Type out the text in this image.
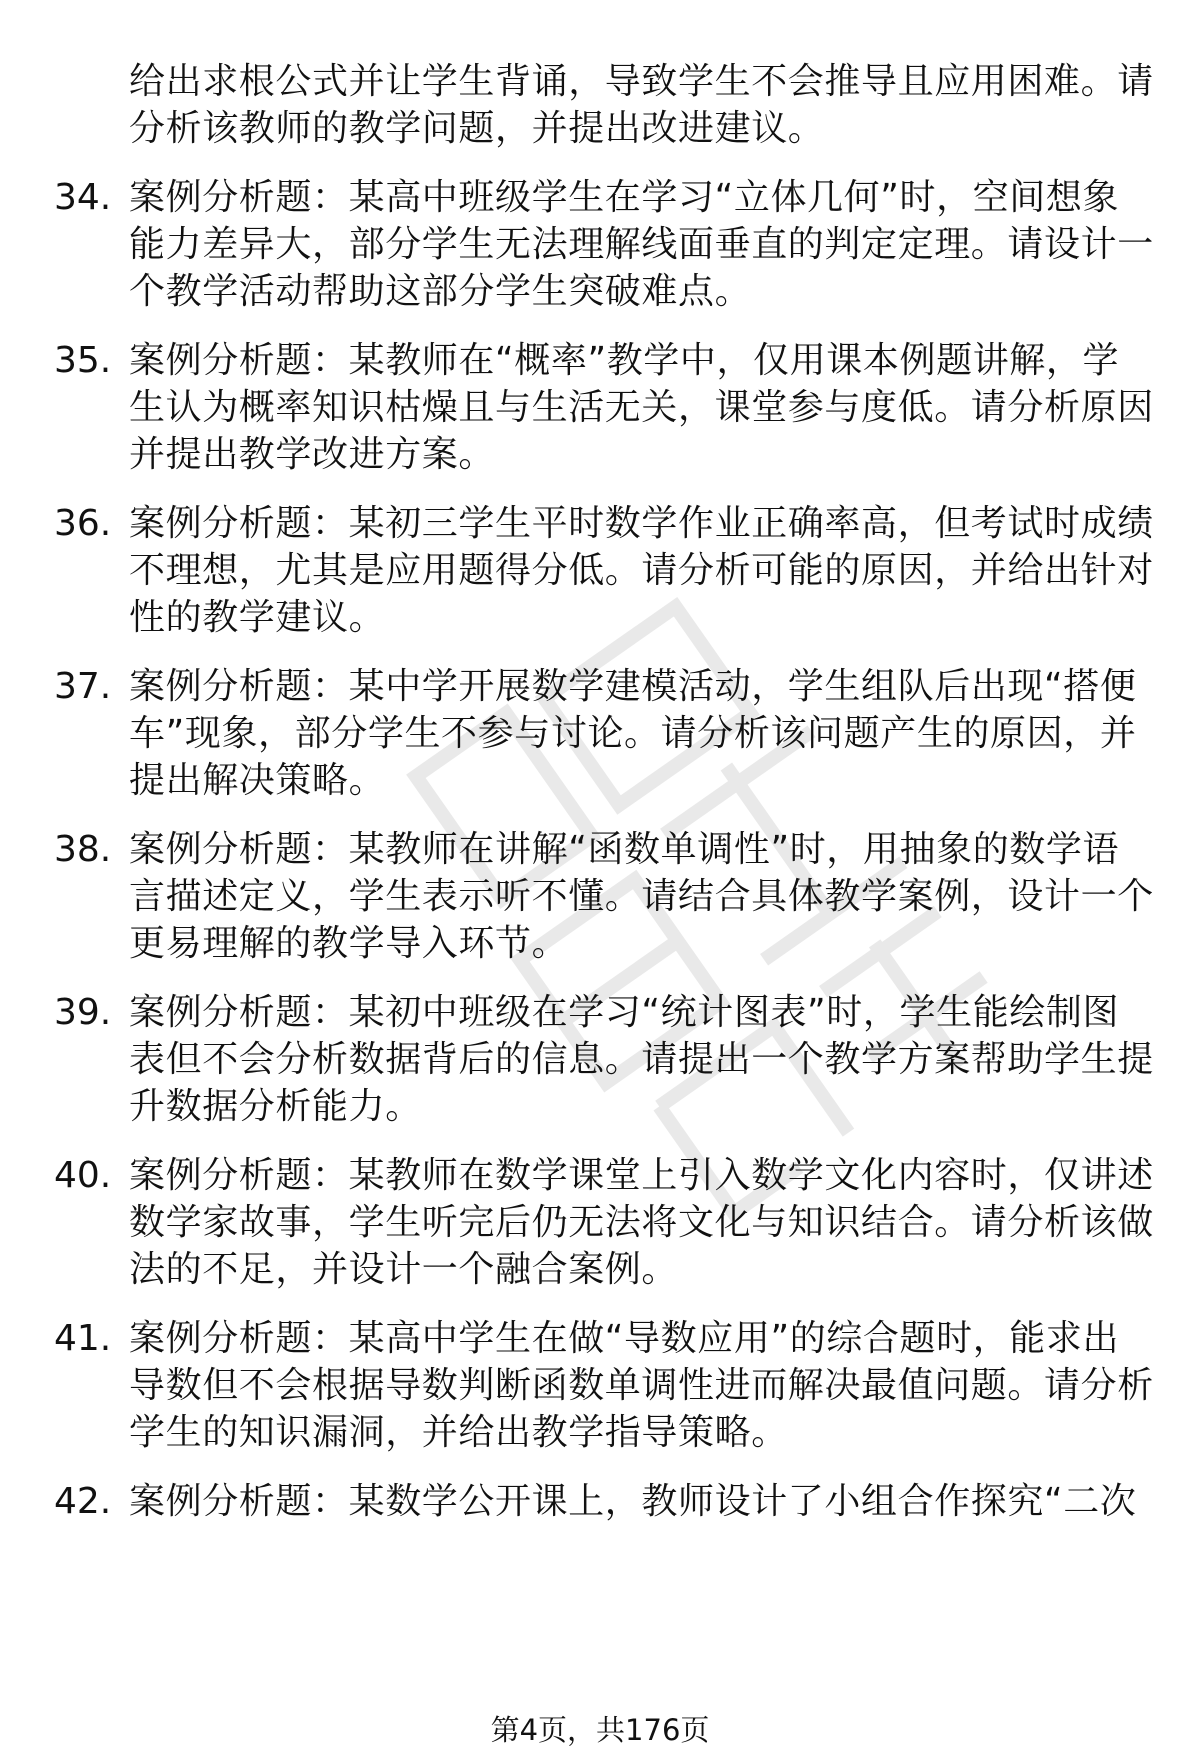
给出求根公式并让学生背诵，导致学生不会推导且应用困难。请
分析该教师的教学问题，并提出改进建议。
34. 案例分析题：某高中班级学生在学习“立体几何”时，空间想象
能力差异大，部分学生无法理解线面垂直的判定定理。请设计一
个教学活动帮助这部分学生突破难点。
35. 案例分析题：某教师在“概率”教学中，仅用课本例题讲解，学
生认为概率知识枯燥且与生活无关，课堂参与度低。请分析原因
并提出教学改进方案。
36. 案例分析题：某初三学生平时数学作业正确率高，但考试时成绩
不理想，尤其是应用题得分低。请分析可能的原因，并给出针对
性的教学建议。
37. 案例分析题：某中学开展数学建模活动，学生组队后出现“搭便
车”现象，部分学生不参与讨论。请分析该问题产生的原因，并
提出解决策略。
38. 案例分析题：某教师在讲解“函数单调性”时，用抽象的数学语
言描述定义，学生表示听不懂。请结合具体教学案例，设计一个
更易理解的教学导入环节。
39. 案例分析题：某初中班级在学习“统计图表”时，学生能绘制图
表但不会分析数据背后的信息。请提出一个教学方案帮助学生提
升数据分析能力。
40. 案例分析题：某教师在数学课堂上引入数学文化内容时，仅讲述
数学家故事，学生听完后仍无法将文化与知识结合。请分析该做
法的不足，并设计一个融合案例。
41. 案例分析题：某高中学生在做“导数应用”的综合题时，能求出
导数但不会根据导数判断函数单调性进而解决最值问题。请分析
学生的知识漏洞，并给出教学指导策略。
42. 案例分析题：某数学公开课上，教师设计了小组合作探究“二次
第4页，共176页
